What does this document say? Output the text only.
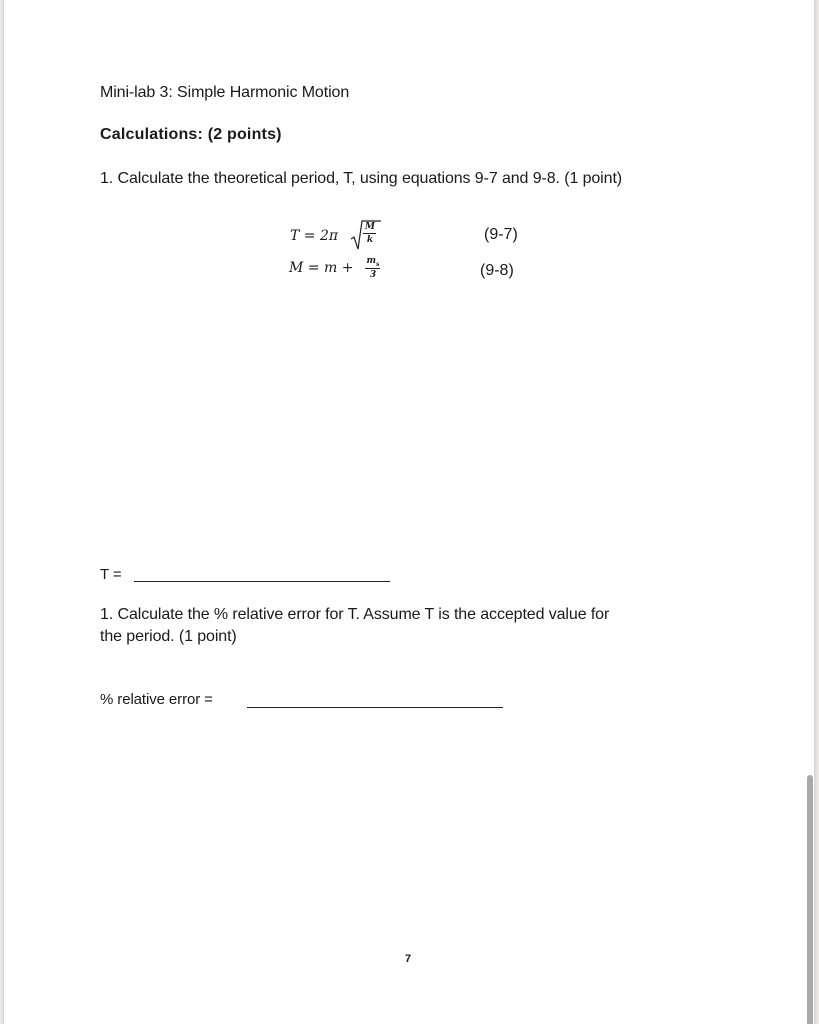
Mini-lab 3: Simple Harmonic Motion
Calculations: (2 points)
1. Calculate the theoretical period, T, using equations 9-7 and 9-8. (1 point)
T = 2π
M
k	(9-7)
$M = m + m_s$
3	(9-8)
T =
1. Calculate the % relative error for T. Assume T is the accepted value for
the period. (1 point)
% relative error =
7
